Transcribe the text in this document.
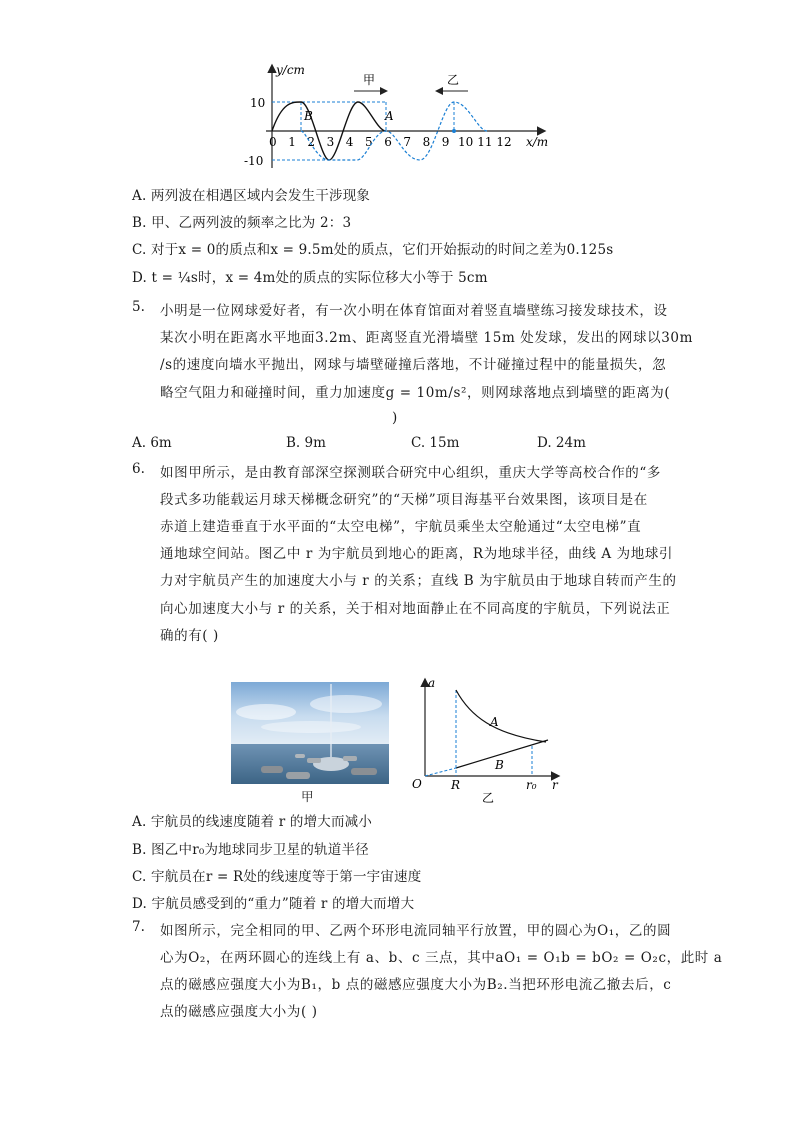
y/cm
x/m
10
-10
0 1 2 3 4 5 6 7 8 9 10 11 12
B	A
甲	乙
A. 两列波在相遇区域内会发生干涉现象
B. 甲、乙两列波的频率之比为 2：3
C. 对于x = 0的质点和x = 9.5m处的质点，它们开始振动的时间之差为0.125s
D. t = ¼s时，x = 4m处的质点的实际位移大小等于 5cm
5. 小明是一位网球爱好者，有一次小明在体育馆面对着竖直墙壁练习接发球技术，设
某次小明在距离水平地面3.2m、距离竖直光滑墙壁 15m 处发球，发出的网球以30m
/s的速度向墙水平抛出，网球与墙壁碰撞后落地，不计碰撞过程中的能量损失，忽
略空气阻力和碰撞时间，重力加速度g = 10m/s²，则网球落地点到墙壁的距离为(
)
A. 6m	B. 9m	C. 15m	D. 24m
6. 如图甲所示，是由教育部深空探测联合研究中心组织，重庆大学等高校合作的“多
段式多功能载运月球天梯概念研究”的“天梯”项目海基平台效果图，该项目是在
赤道上建造垂直于水平面的“太空电梯”，宇航员乘坐太空舱通过“太空电梯”直
通地球空间站。图乙中 r 为宇航员到地心的距离，R为地球半径，曲线 A 为地球引
力对宇航员产生的加速度大小与 r 的关系；直线 B 为宇航员由于地球自转而产生的
向心加速度大小与 r 的关系，关于相对地面静止在不同高度的宇航员，下列说法正
确的有( )
甲
a
r
O R	r₀
A
B
乙
A. 宇航员的线速度随着 r 的增大而减小
B. 图乙中r₀为地球同步卫星的轨道半径
C. 宇航员在r = R处的线速度等于第一宇宙速度
D. 宇航员感受到的“重力”随着 r 的增大而增大
7. 如图所示，完全相同的甲、乙两个环形电流同轴平行放置，甲的圆心为O₁，乙的圆
心为O₂，在两环圆心的连线上有 a、b、c 三点，其中aO₁ = O₁b = bO₂ = O₂c，此时 a
点的磁感应强度大小为B₁，b 点的磁感应强度大小为B₂.当把环形电流乙撤去后，c
点的磁感应强度大小为( )
